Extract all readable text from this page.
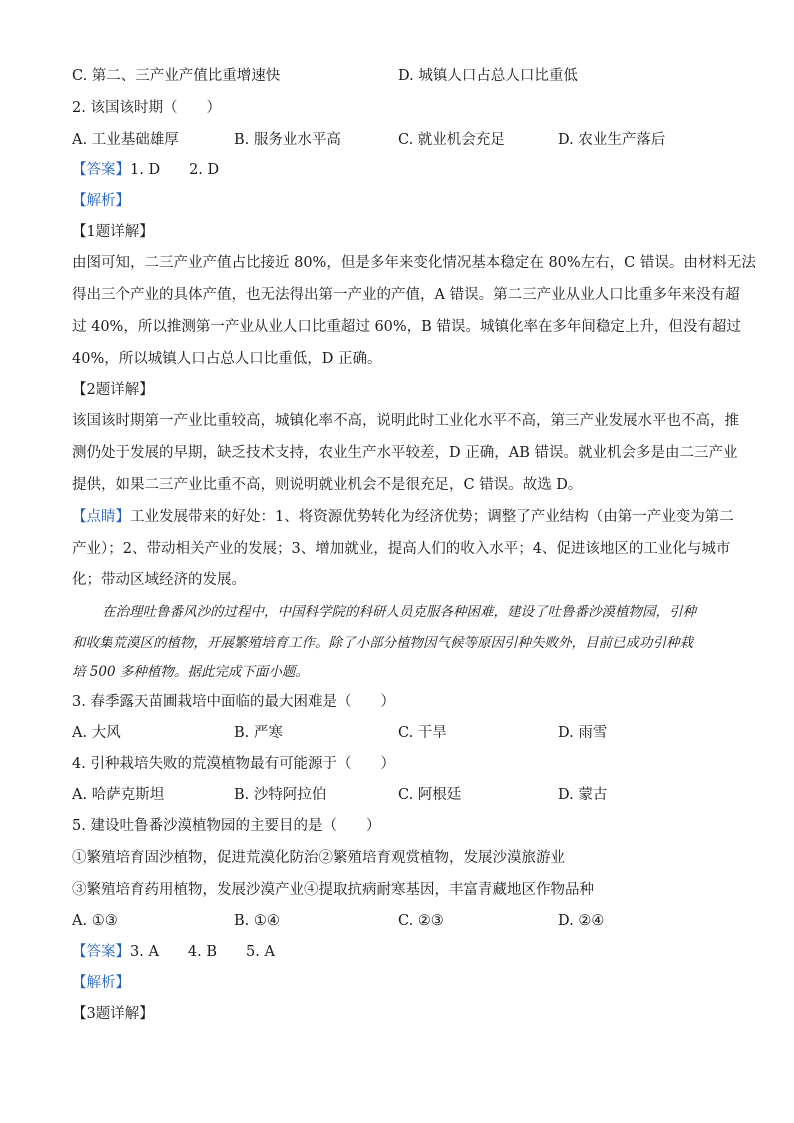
C. 第二、三产业产值比重增速快	D. 城镇人口占总人口比重低
2. 该国该时期（　　）
A. 工业基础雄厚	B. 服务业水平高	C. 就业机会充足	D. 农业生产落后
【答案】1. D　　2. D
【解析】
【1题详解】
由图可知，二三产业产值占比接近 80%，但是多年来变化情况基本稳定在 80%左右，C 错误。由材料无法
得出三个产业的具体产值，也无法得出第一产业的产值，A 错误。第二三产业从业人口比重多年来没有超
过 40%，所以推测第一产业从业人口比重超过 60%，B 错误。城镇化率在多年间稳定上升，但没有超过
40%，所以城镇人口占总人口比重低，D 正确。
【2题详解】
该国该时期第一产业比重较高，城镇化率不高，说明此时工业化水平不高，第三产业发展水平也不高，推
测仍处于发展的早期，缺乏技术支持，农业生产水平较差，D 正确，AB 错误。就业机会多是由二三产业
提供，如果二三产业比重不高，则说明就业机会不是很充足，C 错误。故选 D。
【点睛】工业发展带来的好处：1、将资源优势转化为经济优势；调整了产业结构（由第一产业变为第二
产业）；2、带动相关产业的发展；3、增加就业，提高人们的收入水平；4、促进该地区的工业化与城市
化；带动区域经济的发展。
在治理吐鲁番风沙的过程中，中国科学院的科研人员克服各种困难，建设了吐鲁番沙漠植物园，引种
和收集荒漠区的植物，开展繁殖培育工作。除了小部分植物因气候等原因引种失败外，目前已成功引种栽
培 500 多种植物。据此完成下面小题。
3. 春季露天苗圃栽培中面临的最大困难是（　　）
A. 大风	B. 严寒	C. 干旱	D. 雨雪
4. 引种栽培失败的荒漠植物最有可能源于（　　）
A. 哈萨克斯坦	B. 沙特阿拉伯	C. 阿根廷	D. 蒙古
5. 建设吐鲁番沙漠植物园的主要目的是（　　）
①繁殖培育固沙植物，促进荒漠化防治②繁殖培育观赏植物，发展沙漠旅游业
③繁殖培育药用植物，发展沙漠产业④提取抗病耐寒基因，丰富青藏地区作物品种
A. ①③	B. ①④	C. ②③	D. ②④
【答案】3. A　　4. B　　5. A
【解析】
【3题详解】
